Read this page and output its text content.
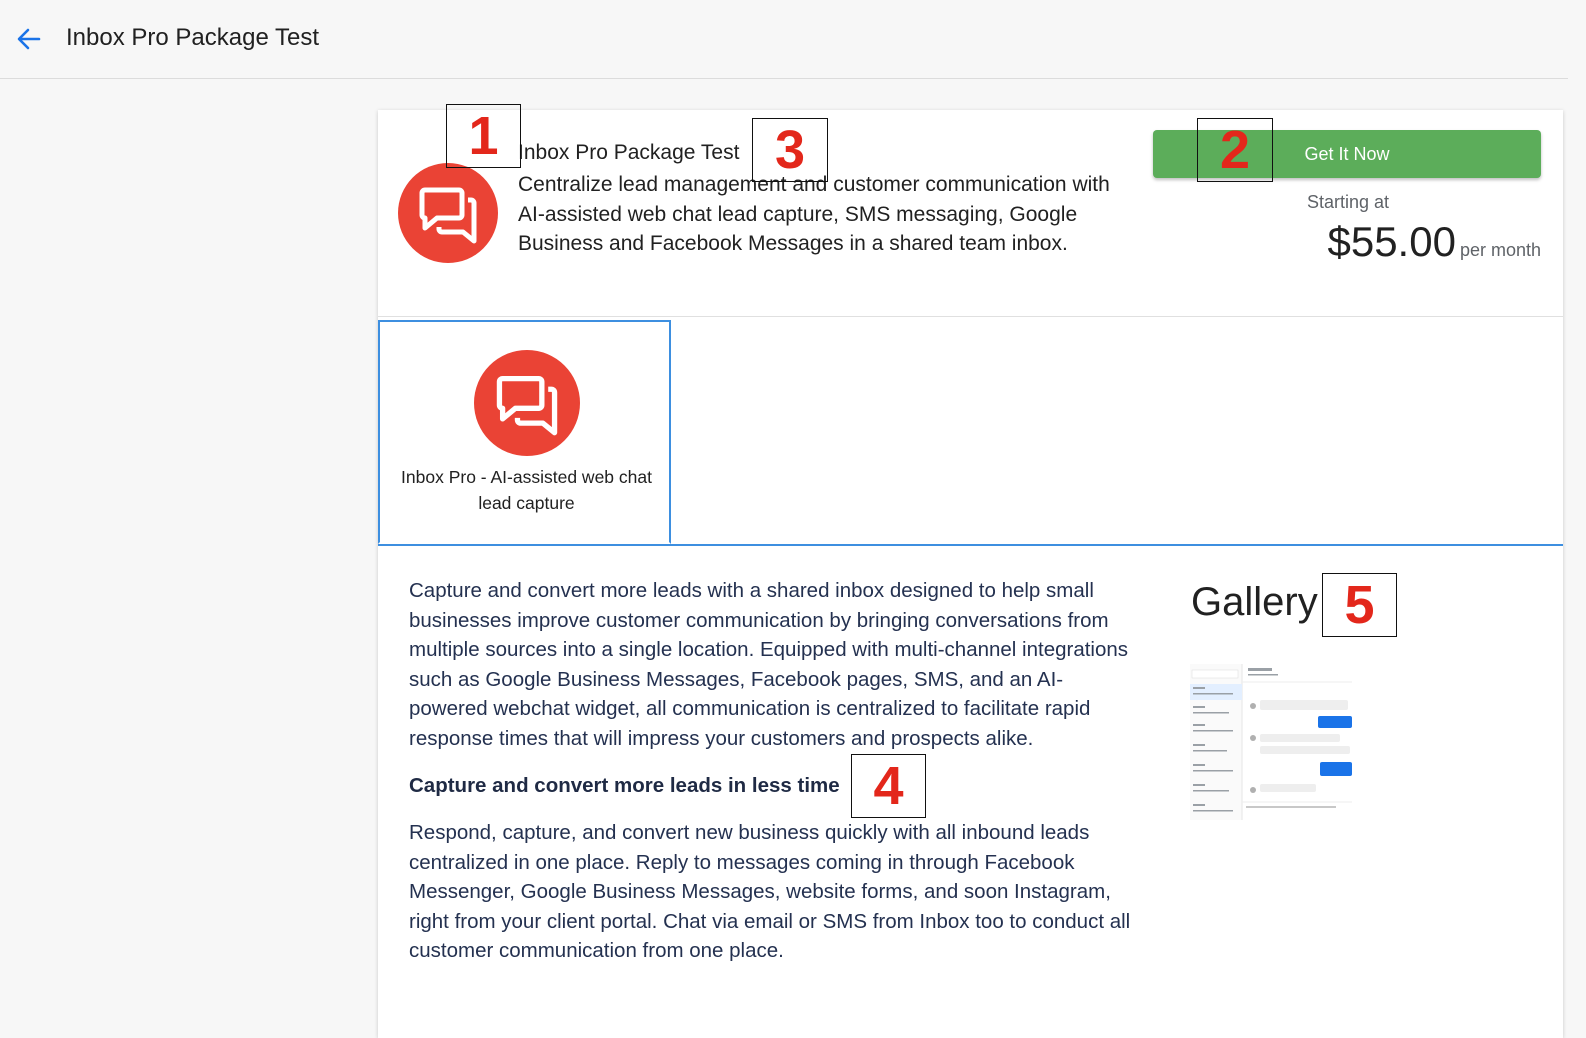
Inbox Pro Package Test
Inbox Pro Package Test
Centralize lead management and customer communication with AI-assisted web chat lead capture, SMS messaging, Google Business and Facebook Messages in a shared team inbox.
Get It Now
Starting at
$55.00 per month
Inbox Pro - AI-assisted web chat lead capture

Capture and convert more leads with a shared inbox designed to help small businesses improve customer communication by bringing conversations from multiple sources into a single location. Equipped with multi-channel integrations such as Google Business Messages, Facebook pages, SMS, and an AI-powered webchat widget, all communication is centralized to facilitate rapid response times that will impress your customers and prospects alike.

Capture and convert more leads in less time

Respond, capture, and convert new business quickly with all inbound leads centralized in one place. Reply to messages coming in through Facebook Messenger, Google Business Messages, website forms, and soon Instagram, right from your client portal. Chat via email or SMS from Inbox too to conduct all customer communication from one place.

Gallery
1	3	2
4
5
